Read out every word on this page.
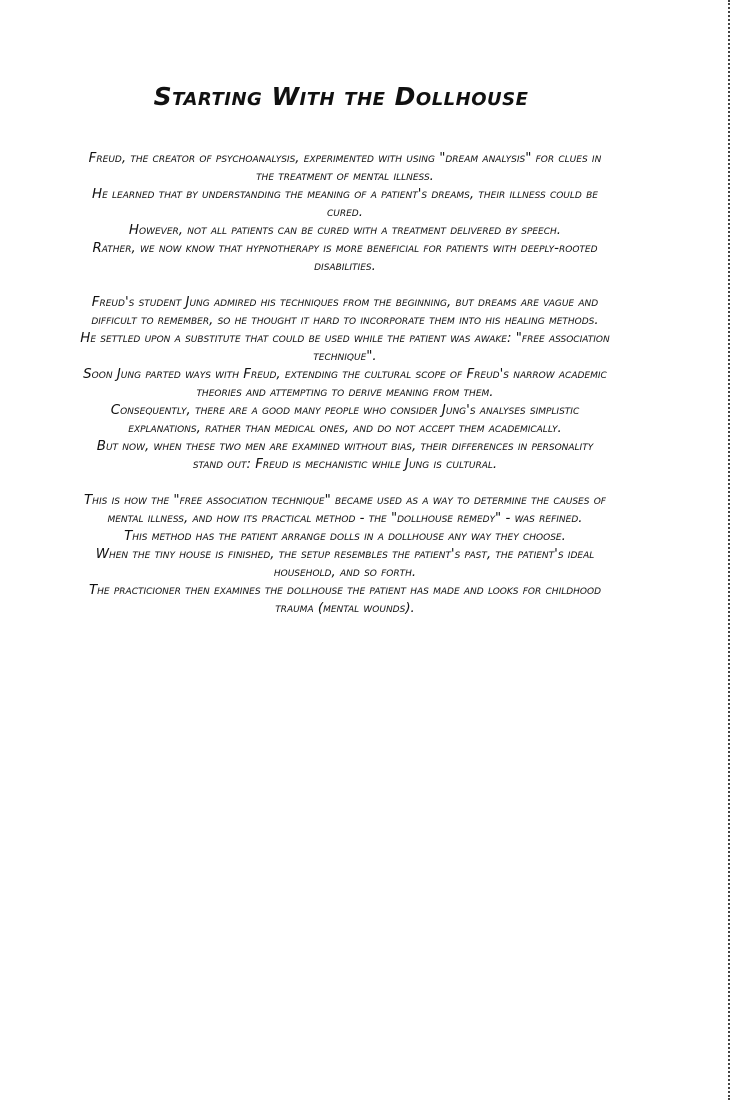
Starting With the Dollhouse

Freud, the creator of psychoanalysis, experimented with using "dream analysis" for clues in the treatment of mental illness.

He learned that by understanding the meaning of a patient's dreams, their illness could be cured.

However, not all patients can be cured with a treatment delivered by speech.

Rather, we now know that hypnotherapy is more beneficial for patients with deeply-rooted disabilities.

Freud's student Jung admired his techniques from the beginning, but dreams are vague and difficult to remember, so he thought it hard to incorporate them into his healing methods.

He settled upon a substitute that could be used while the patient was awake: "free association technique".

Soon Jung parted ways with Freud, extending the cultural scope of Freud's narrow academic theories and attempting to derive meaning from them.

Consequently, there are a good many people who consider Jung's analyses simplistic explanations, rather than medical ones, and do not accept them academically.

But now, when these two men are examined without bias, their differences in personality stand out: Freud is mechanistic while Jung is cultural.

This is how the "free association technique" became used as a way to determine the causes of mental illness, and how its practical method - the "dollhouse remedy" - was refined.

This method has the patient arrange dolls in a dollhouse any way they choose.

When the tiny house is finished, the setup resembles the patient's past, the patient's ideal household, and so forth.

The practicioner then examines the dollhouse the patient has made and looks for childhood trauma (mental wounds).
